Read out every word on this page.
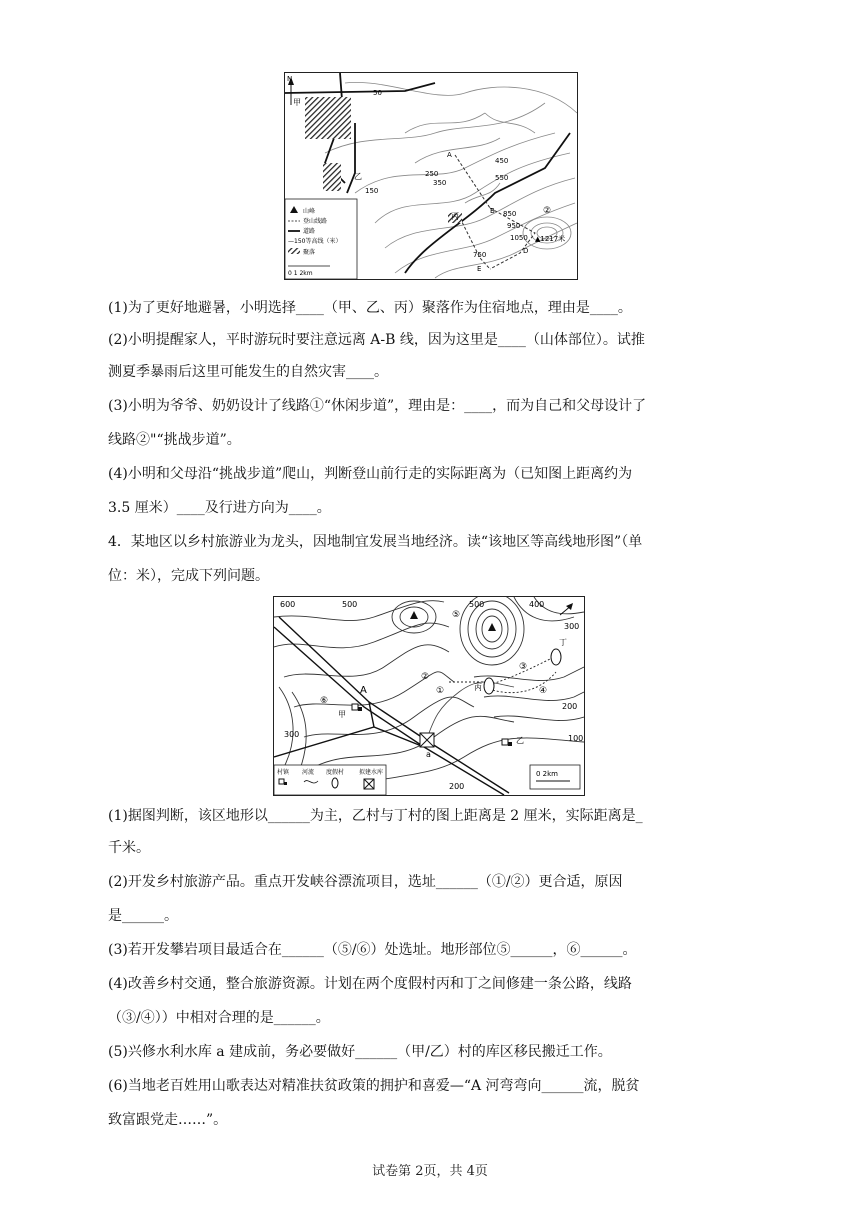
N
甲
乙
丙
A
B
D
E
50
150
250
350
450
550
850
950
1050
750
②
▲1217米
山峰
登山线路
道路
—150等高线（米）
聚落
0 1 2km
(1)为了更好地避暑，小明选择____（甲、乙、丙）聚落作为住宿地点，理由是____。
(2)小明提醒家人，平时游玩时要注意远离 A-B 线，因为这里是____（山体部位）。试推
测夏季暴雨后这里可能发生的自然灾害____。
(3)小明为爷爷、奶奶设计了线路①“休闲步道”，理由是：____，而为自己和父母设计了
线路②"“挑战步道”。
(4)小明和父母沿“挑战步道”爬山，判断登山前行走的实际距离为（已知图上距离约为
3.5 厘米）____及行进方向为____。
4．某地区以乡村旅游业为龙头，因地制宜发展当地经济。读“该地区等高线地形图”（单
位：米），完成下列问题。
600	500	500	400
300
300
200
200
100
①
②
③
④
⑤
⑥
A
甲
乙
丙
丁
a
村镇 河流 度假村 拟建水库	0 2km
(1)据图判断，该区地形以______为主，乙村与丁村的图上距离是 2 厘米，实际距离是_
千米。
(2)开发乡村旅游产品。重点开发峡谷漂流项目，选址______（①/②）更合适，原因
是______。
(3)若开发攀岩项目最适合在______（⑤/⑥）处选址。地形部位⑤______，⑥______。
(4)改善乡村交通，整合旅游资源。计划在两个度假村丙和丁之间修建一条公路，线路
（③/④））中相对合理的是______。
(5)兴修水利水库 a 建成前，务必要做好______（甲/乙）村的库区移民搬迁工作。
(6)当地老百姓用山歌表达对精准扶贫政策的拥护和喜爱—“A 河弯弯向______流，脱贫
致富跟党走……”。
试卷第 2页，共 4页
